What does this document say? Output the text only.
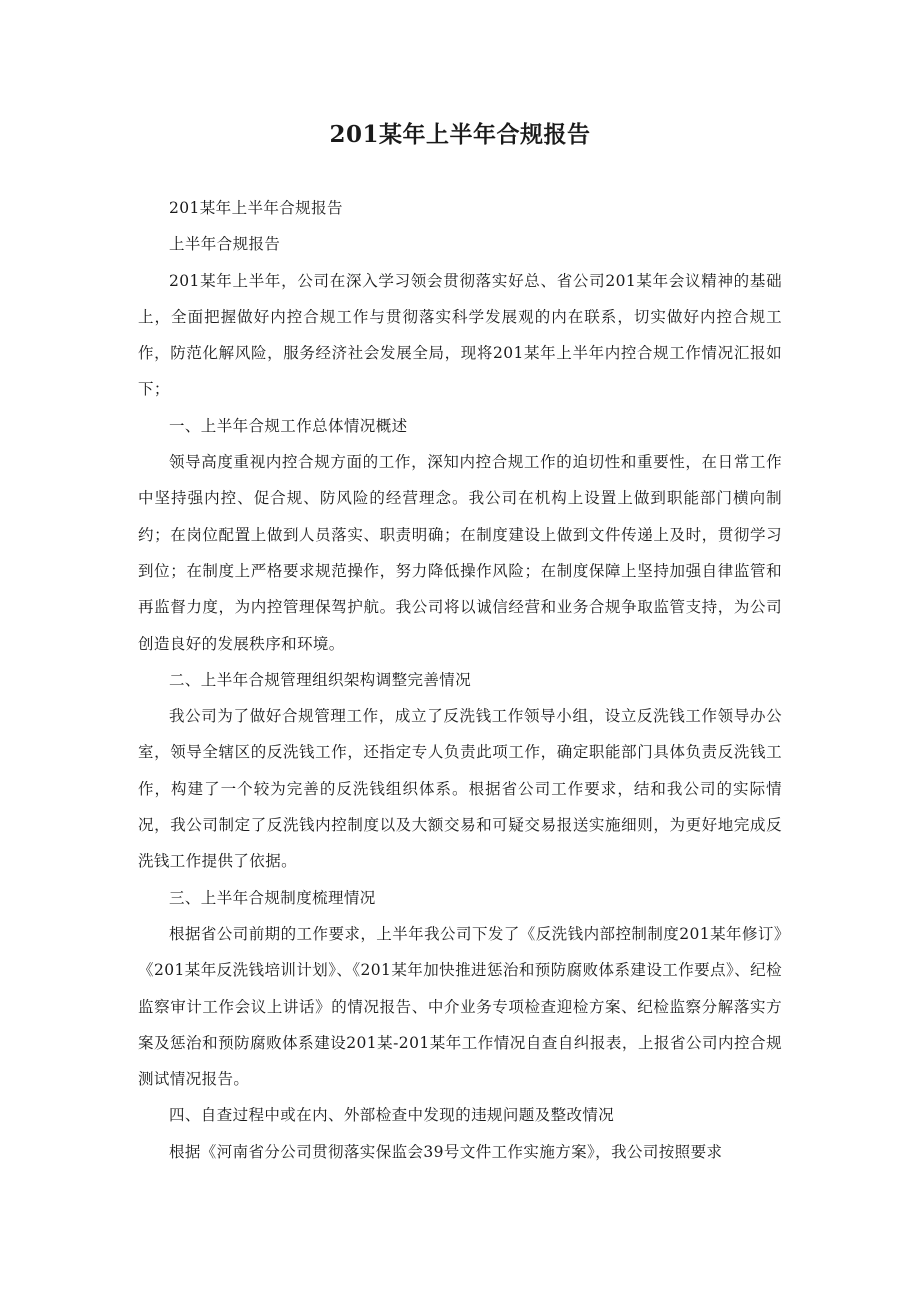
201某年上半年合规报告

201某年上半年合规报告

上半年合规报告

201某年上半年，公司在深入学习领会贯彻落实好总、省公司201某年会议精神的基础上，全面把握做好内控合规工作与贯彻落实科学发展观的内在联系，切实做好内控合规工作，防范化解风险，服务经济社会发展全局，现将201某年上半年内控合规工作情况汇报如下；

一、上半年合规工作总体情况概述

领导高度重视内控合规方面的工作，深知内控合规工作的迫切性和重要性，在日常工作中坚持强内控、促合规、防风险的经营理念。我公司在机构上设置上做到职能部门横向制约；在岗位配置上做到人员落实、职责明确；在制度建设上做到文件传递上及时，贯彻学习到位；在制度上严格要求规范操作，努力降低操作风险；在制度保障上坚持加强自律监管和再监督力度，为内控管理保驾护航。我公司将以诚信经营和业务合规争取监管支持，为公司创造良好的发展秩序和环境。

二、上半年合规管理组织架构调整完善情况

我公司为了做好合规管理工作，成立了反洗钱工作领导小组，设立反洗钱工作领导办公室，领导全辖区的反洗钱工作，还指定专人负责此项工作，确定职能部门具体负责反洗钱工作，构建了一个较为完善的反洗钱组织体系。根据省公司工作要求，结和我公司的实际情况，我公司制定了反洗钱内控制度以及大额交易和可疑交易报送实施细则，为更好地完成反洗钱工作提供了依据。

三、上半年合规制度梳理情况

根据省公司前期的工作要求，上半年我公司下发了《反洗钱内部控制制度201某年修订》《201某年反洗钱培训计划》、《201某年加快推进惩治和预防腐败体系建设工作要点》、纪检监察审计工作会议上讲话》的情况报告、中介业务专项检查迎检方案、纪检监察分解落实方案及惩治和预防腐败体系建设201某-201某年工作情况自查自纠报表，上报省公司内控合规测试情况报告。

四、自查过程中或在内、外部检查中发现的违规问题及整改情况

根据《河南省分公司贯彻落实保监会39号文件工作实施方案》，我公司按照要求
